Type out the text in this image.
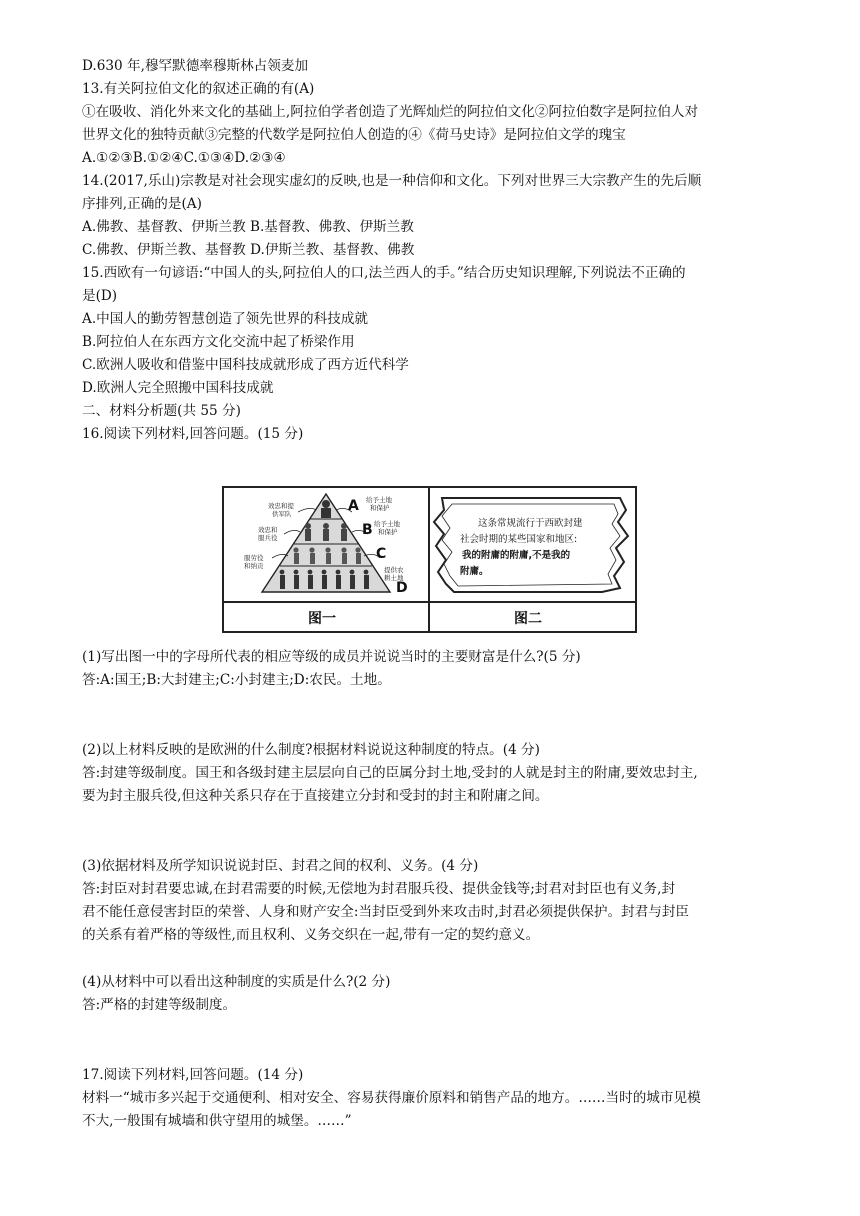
D.630 年,穆罕默德率穆斯林占领麦加
13.有关阿拉伯文化的叙述正确的有(A)
①在吸收、消化外来文化的基础上,阿拉伯学者创造了光辉灿烂的阿拉伯文化②阿拉伯数字是阿拉伯人对
世界文化的独特贡献③完整的代数学是阿拉伯人创造的④《荷马史诗》是阿拉伯文学的瑰宝
A.①②③B.①②④C.①③④D.②③④
14.(2017,乐山)宗教是对社会现实虚幻的反映,也是一种信仰和文化。下列对世界三大宗教产生的先后顺
序排列,正确的是(A)
A.佛教、基督教、伊斯兰教 B.基督教、佛教、伊斯兰教
C.佛教、伊斯兰教、基督教 D.伊斯兰教、基督教、佛教
15.西欧有一句谚语:“中国人的头,阿拉伯人的口,法兰西人的手。”结合历史知识理解,下列说法不正确的
是(D)
A.中国人的勤劳智慧创造了领先世界的科技成就
B.阿拉伯人在东西方文化交流中起了桥梁作用
C.欧洲人吸收和借鉴中国科技成就形成了西方近代科学
D.欧洲人完全照搬中国科技成就
二、材料分析题(共 55 分)
16.阅读下列材料,回答问题。(15 分)
A
B
C
D
效忠和提
供军队
效忠和
服兵役
服劳役
和纳贡
给予土地
和保护
给予土地
和保护
提供农
耕土地
这条常规流行于西欧封建
社会时期的某些国家和地区:
我的附庸的附庸,不是我的
附庸。
图一	图二
(1)写出图一中的字母所代表的相应等级的成员并说说当时的主要财富是什么?(5 分)
答:A:国王;B:大封建主;C:小封建主;D:农民。土地。
(2)以上材料反映的是欧洲的什么制度?根据材料说说这种制度的特点。(4 分)
答:封建等级制度。国王和各级封建主层层向自己的臣属分封土地,受封的人就是封主的附庸,要效忠封主,
要为封主服兵役,但这种关系只存在于直接建立分封和受封的封主和附庸之间。
(3)依据材料及所学知识说说封臣、封君之间的权利、义务。(4 分)
答:封臣对封君要忠诚,在封君需要的时候,无偿地为封君服兵役、提供金钱等;封君对封臣也有义务,封
君不能任意侵害封臣的荣誉、人身和财产安全:当封臣受到外来攻击时,封君必须提供保护。封君与封臣
的关系有着严格的等级性,而且权利、义务交织在一起,带有一定的契约意义。
(4)从材料中可以看出这种制度的实质是什么?(2 分)
答:严格的封建等级制度。
17.阅读下列材料,回答问题。(14 分)
材料一“城市多兴起于交通便利、相对安全、容易获得廉价原料和销售产品的地方。……当时的城市见模
不大,一般围有城墙和供守望用的城堡。……”
